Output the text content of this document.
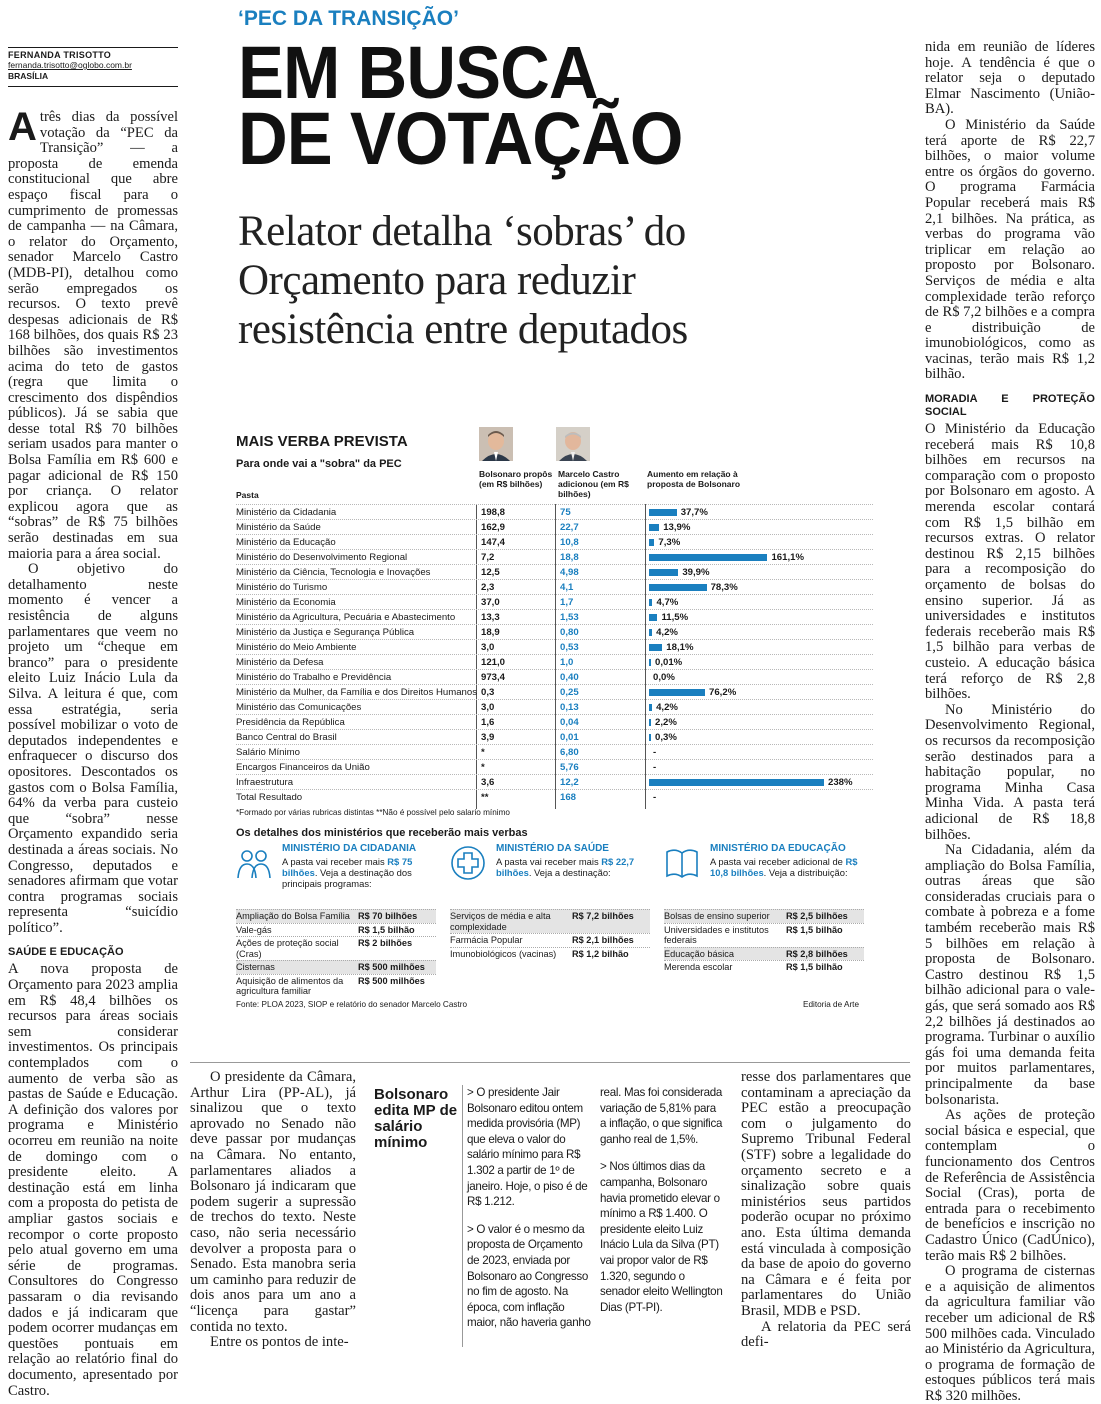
FERNANDA TRISOTTO
fernanda.trisotto@oglobo.com.br
BRASÍLIA
‘PEC DA TRANSIÇÃO’
EM BUSCA
DE VOTAÇÃO
Relator detalha ‘sobras’ do
Orçamento para reduzir
resistência entre deputados

Atrês dias da possível votação da “PEC da Transição” — a proposta de emenda constitucional que abre espaço fiscal para o cumprimento de promessas de campanha — na Câmara, o relator do Orçamento, senador Marcelo Castro (MDB-PI), detalhou como serão empregados os recursos. O texto prevê despesas adicionais de R$ 168 bilhões, dos quais R$ 23 bilhões são investimentos acima do teto de gastos (regra que limita o crescimento dos dispêndios públicos). Já se sabia que desse total R$ 70 bilhões seriam usados para manter o Bolsa Família em R$ 600 e pagar adicional de R$ 150 por criança. O relator explicou agora que as “sobras” de R$ 75 bilhões serão destinadas em sua maioria para a área social.

O objetivo do detalhamento neste momento é vencer a resistência de alguns parlamentares que veem no projeto um “cheque em branco” para o presidente eleito Luiz Inácio Lula da Silva. A leitura é que, com essa estratégia, seria possível mobilizar o voto de deputados independentes e enfraquecer o discurso dos opositores. Descontados os gastos com o Bolsa Família, 64% da verba para custeio que “sobra” nesse Orçamento expandido seria destinada a áreas sociais. No Congresso, deputados e senadores afirmam que votar contra programas sociais representa “suicídio político”.

SAÚDE E EDUCAÇÃO

A nova proposta de Orçamento para 2023 amplia em R$ 48,4 bilhões os recursos para áreas sociais sem considerar investimentos. Os principais contemplados com o aumento de verba são as pastas de Saúde e Educação. A definição dos valores por programa e Ministério ocorreu em reunião na noite de domingo com o presidente eleito. A destinação está em linha com a proposta do petista de ampliar gastos sociais e recompor o corte proposto pelo atual governo em uma série de programas. Consultores do Congresso passaram o dia revisando dados e já indicaram que podem ocorrer mudanças em questões pontuais em relação ao relatório final do documento, apresentado por Castro.

MAIS VERBA PREVISTA
Para onde vai a "sobra" da PEC
Bolsonaro propôs (em R$ bilhões)
Marcelo Castro adicionou (em R$ bilhões)
Aumento em relação à proposta de Bolsonaro
Pasta
Ministério da Cidadania	198,8	75	37,7%
Ministério da Saúde	162,9	22,7	13,9%
Ministério da Educação	147,4	10,8	7,3%
Ministério do Desenvolvimento Regional	7,2	18,8	161,1%
Ministério da Ciência, Tecnologia e Inovações	12,5	4,98	39,9%
Ministério do Turismo	2,3	4,1	78,3%
Ministério da Economia	37,0	1,7	4,7%
Ministério da Agricultura, Pecuária e Abastecimento	13,3	1,53	11,5%
Ministério da Justiça e Segurança Pública	18,9	0,80	4,2%
Ministério do Meio Ambiente	3,0	0,53	18,1%
Ministério da Defesa	121,0	1,0	0,01%
Ministério do Trabalho e Previdência	973,4	0,40	0,0%
Ministério da Mulher, da Família e dos Direitos Humanos 0,3	0,25	76,2%
Ministério das Comunicações	3,0	0,13	4,2%
Presidência da República	1,6	0,04	2,2%
Banco Central do Brasil	3,9	0,01	0,3%
Salário Mínimo	*	6,80	-
Encargos Financeiros da União	*	5,76	-
Infraestrutura	3,6	12,2	238%
Total Resultado	**	168	-
*Formado por várias rubricas distintas **Não é possível pelo salario mínimo
Os detalhes dos ministérios que receberão mais verbas
MINISTÉRIO DA CIDADANIA
A pasta vai receber mais R$ 75 bilhões. Veja a destinação dos principais programas:
Ampliação do Bolsa Família R$ 70 bilhões
Vale-gás	R$ 1,5 bilhão
Ações de proteção social (Cras)
R$ 2 bilhões
Cisternas	R$ 500 milhões
Aquisição de alimentos da agricultura familiar
R$ 500 milhões
MINISTÉRIO DA SAÚDE
A pasta vai receber mais R$ 22,7 bilhões. Veja a destinação:
Serviços de média e alta complexidade
R$ 7,2 bilhões
Farmácia Popular	R$ 2,1 bilhões
Imunobiológicos (vacinas)	R$ 1,2 bilhão
MINISTÉRIO DA EDUCAÇÃO
A pasta vai receber adicional de R$ 10,8 bilhões. Veja a distribuição:
Bolsas de ensino superior	R$ 2,5 bilhões
Universidades e institutos federais
R$ 1,5 bilhão
Educação básica	R$ 2,8 bilhões
Merenda escolar	R$ 1,5 bilhão
Fonte: PLOA 2023, SIOP e relatório do senador Marcelo Castro	Editoria de Arte

O presidente da Câmara, Arthur Lira (PP-AL), já sinalizou que o texto aprovado no Senado não deve passar por mudanças na Câmara. No entanto, parlamentares aliados a Bolsonaro já indicaram que podem sugerir a supressão de trechos do texto. Neste caso, não seria necessário devolver a proposta para o Senado. Esta manobra seria um caminho para reduzir de dois anos para um ano a “licença para gastar” contida no texto.

Entre os pontos de inte-

Bolsonaro edita MP de salário mínimo

> O presidente Jair Bolsonaro editou ontem medida provisória (MP) que eleva o valor do salário mínimo para R$ 1.302 a partir de 1º de janeiro. Hoje, o piso é de R$ 1.212.

> O valor é o mesmo da proposta de Orçamento de 2023, enviada por Bolsonaro ao Congresso no fim de agosto. Na época, com inflação maior, não haveria ganho

real. Mas foi considerada variação de 5,81% para a inflação, o que significa ganho real de 1,5%.

> Nos últimos dias da campanha, Bolsonaro havia prometido elevar o mínimo a R$ 1.400. O presidente eleito Luiz Inácio Lula da Silva (PT) vai propor valor de R$ 1.320, segundo o senador eleito Wellington Dias (PT-PI).

resse dos parlamentares que contaminam a apreciação da PEC estão a preocupação com o julgamento do Supremo Tribunal Federal (STF) sobre a legalidade do orçamento secreto e a sinalização sobre quais ministérios seus partidos poderão ocupar no próximo ano. Esta última demanda está vinculada à composição da base de apoio do governo na Câmara e é feita por parlamentares do União Brasil, MDB e PSD.

A relatoria da PEC será defi-

nida em reunião de líderes hoje. A tendência é que o relator seja o deputado Elmar Nascimento (União-BA).

O Ministério da Saúde terá aporte de R$ 22,7 bilhões, o maior volume entre os órgãos do governo. O programa Farmácia Popular receberá mais R$ 2,1 bilhões. Na prática, as verbas do programa vão triplicar em relação ao proposto por Bolsonaro. Serviços de média e alta complexidade terão reforço de R$ 7,2 bilhões e a compra e distribuição de imunobiológicos, como as vacinas, terão mais R$ 1,2 bilhão.

MORADIA E PROTEÇÃO SOCIAL

O Ministério da Educação receberá mais R$ 10,8 bilhões em recursos na comparação com o proposto por Bolsonaro em agosto. A merenda escolar contará com R$ 1,5 bilhão em recursos extras. O relator destinou R$ 2,15 bilhões para a recomposição do orçamento de bolsas do ensino superior. Já as universidades e institutos federais receberão mais R$ 1,5 bilhão para verbas de custeio. A educação básica terá reforço de R$ 2,8 bilhões.

No Ministério do Desenvolvimento Regional, os recursos da recomposição serão destinados para a habitação popular, no programa Minha Casa Minha Vida. A pasta terá adicional de R$ 18,8 bilhões.

Na Cidadania, além da ampliação do Bolsa Família, outras áreas que são consideradas cruciais para o combate à pobreza e a fome também receberão mais R$ 5 bilhões em relação à proposta de Bolsonaro. Castro destinou R$ 1,5 bilhão adicional para o vale-gás, que será somado aos R$ 2,2 bilhões já destinados ao programa. Turbinar o auxílio gás foi uma demanda feita por muitos parlamentares, principalmente da base bolsonarista.

As ações de proteção social básica e especial, que contemplam o funcionamento dos Centros de Referência de Assistência Social (Cras), porta de entrada para o recebimento de benefícios e inscrição no Cadastro Único (CadÚnico), terão mais R$ 2 bilhões.

O programa de cisternas e a aquisição de alimentos da agricultura familiar vão receber um adicional de R$ 500 milhões cada. Vinculado ao Ministério da Agricultura, o programa de formação de estoques públicos terá mais R$ 320 milhões.
